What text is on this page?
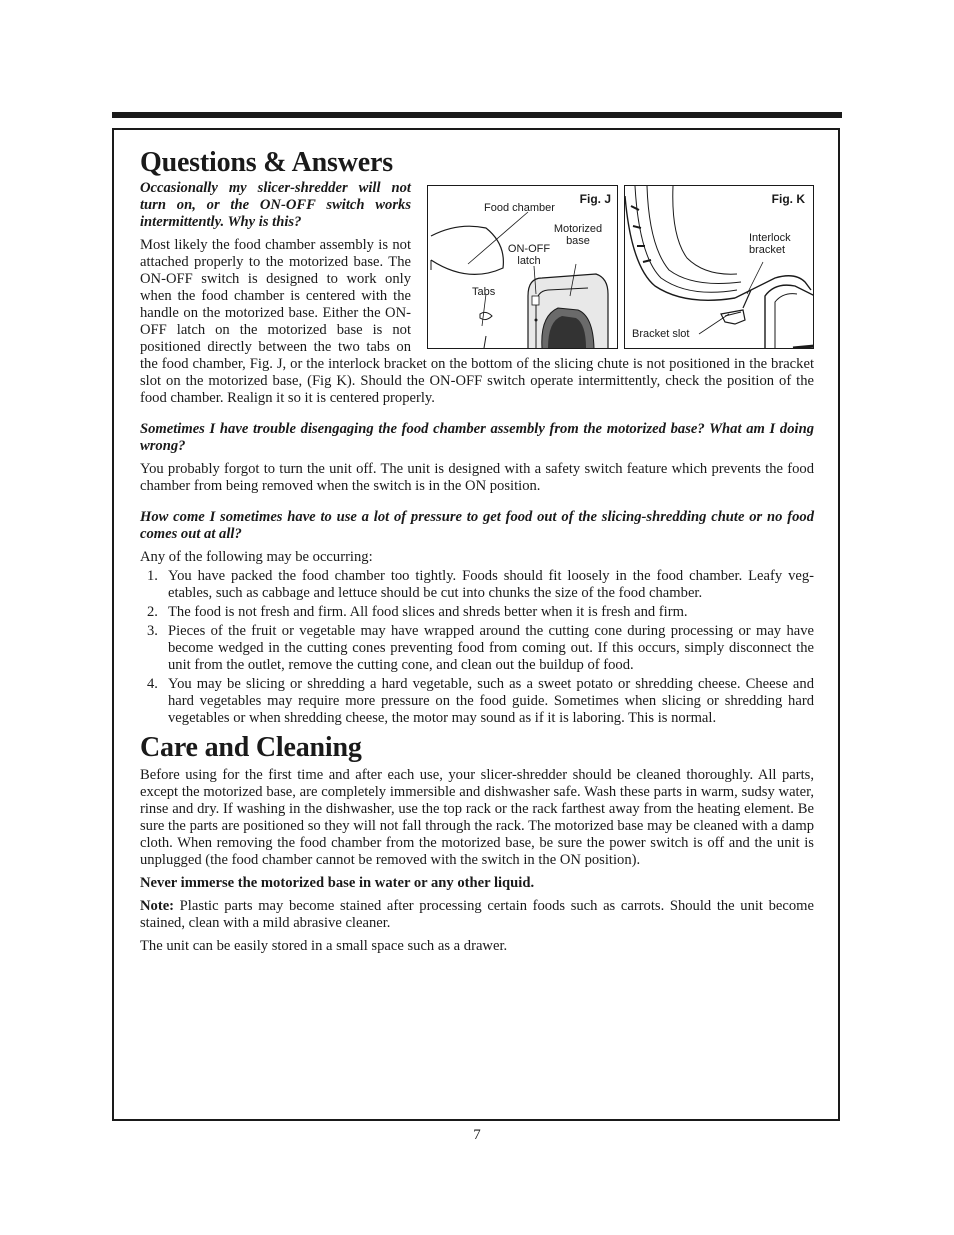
Questions & Answers
Fig. J
Food chamber
Motorized base
ON-OFF latch
Tabs
Fig. K
Interlock bracket
Bracket slot

Occasionally my slicer-shredder will not turn on, or the ON-OFF switch works intermittently. Why is this?

Most likely the food chamber assembly is not attached properly to the motorized base. The ON-OFF switch is designed to work only when the food chamber is centered with the handle on the motorized base. Either the ON-OFF latch on the motorized base is not positioned directly between the two tabs on the food chamber, Fig. J, or the interlock bracket on the bottom of the slicing chute is not positioned in the bracket slot on the motorized base, (Fig K). Should the ON-OFF switch operate intermittently, check the position of the food chamber. Realign it so it is centered properly.

Sometimes I have trouble disengaging the food chamber assembly from the motorized base? What am I doing wrong?

You probably forgot to turn the unit off. The unit is designed with a safety switch feature which prevents the food chamber from being removed when the switch is in the ON position.

How come I sometimes have to use a lot of pressure to get food out of the slicing-shredding chute or no food comes out at all?

Any of the following may be occurring:

1. You have packed the food chamber too tightly. Foods should fit loosely in the food chamber. Leafy veg-etables, such as cabbage and lettuce should be cut into chunks the size of the food chamber.
2. The food is not fresh and firm. All food slices and shreds better when it is fresh and firm.
3. Pieces of the fruit or vegetable may have wrapped around the cutting cone during processing or may have become wedged in the cutting cones preventing food from coming out. If this occurs, simply disconnect the unit from the outlet, remove the cutting cone, and clean out the buildup of food.
4. You may be slicing or shredding a hard vegetable, such as a sweet potato or shredding cheese. Cheese and hard vegetables may require more pressure on the food guide. Sometimes when slicing or shredding hard vegetables or when shredding cheese, the motor may sound as if it is laboring. This is normal.
Care and Cleaning

Before using for the first time and after each use, your slicer-shredder should be cleaned thoroughly. All parts, except the motorized base, are completely immersible and dishwasher safe. Wash these parts in warm, sudsy water, rinse and dry. If washing in the dishwasher, use the top rack or the rack farthest away from the heating element. Be sure the parts are positioned so they will not fall through the rack. The motorized base may be cleaned with a damp cloth. When removing the food chamber from the motorized base, be sure the power switch is off and the unit is unplugged (the food chamber cannot be removed with the switch in the ON position).

Never immerse the motorized base in water or any other liquid.

Note: Plastic parts may become stained after processing certain foods such as carrots. Should the unit become stained, clean with a mild abrasive cleaner.

The unit can be easily stored in a small space such as a drawer.

7
